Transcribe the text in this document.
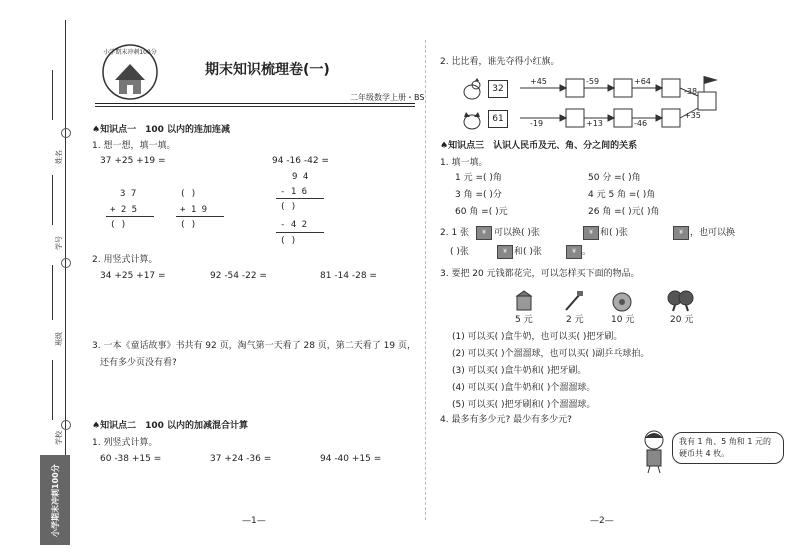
姓名
学号
班级
学校
小学期末冲刺100分
小学期末冲刺100分
期末知识梳理卷(一)
二年级数学上册・BS
♠知识点一　100 以内的连加连减
1. 想一想，填一填。
37 +25 +19 =	94 -16 -42 =
3 7
+ 2 5
( )
( )
+ 1 9
( )
9 4
- 1 6
( )
- 4 2
( )
2. 用竖式计算。
34 +25 +17 =	92 -54 -22 =	81 -14 -28 =
3. 一本《童话故事》书共有 92 页，淘气第一天看了 28 页，第二天看了 19 页，
还有多少页没有看?
♠知识点二　100 以内的加减混合计算
1. 列竖式计算。
60 -38 +15 =	37 +24 -36 =	94 -40 +15 =
—1—
2. 比比看，谁先夺得小红旗。
32
61
+45	-59	+64
-38
-19	+13	-46
+35
♠知识点三　认识人民币及元、角、分之间的关系
1. 填一填。
1 元 =( )角	50 分 =( )角
3 角 =( )分	4 元 5 角 =( )角
60 角 =( )元	26 角 =( )元( )角
2. 1 张	¥ 可以换( )张	¥ 和( )张	¥ ，也可以换
( )张	¥ 和( )张	¥ 。
3. 要把 20 元钱都花完，可以怎样买下面的物品。
5 元	2 元	10 元	20 元
(1) 可以买( )盒牛奶，也可以买( )把牙刷。
(2) 可以买( )个溜溜球，也可以买( )副乒乓球拍。
(3) 可以买( )盒牛奶和( )把牙刷。
(4) 可以买( )盒牛奶和( )个溜溜球。
(5) 可以买( )把牙刷和( )个溜溜球。
4. 最多有多少元? 最少有多少元?
我有 1 角、5 角和 1 元的硬币共 4 枚。
—2—
